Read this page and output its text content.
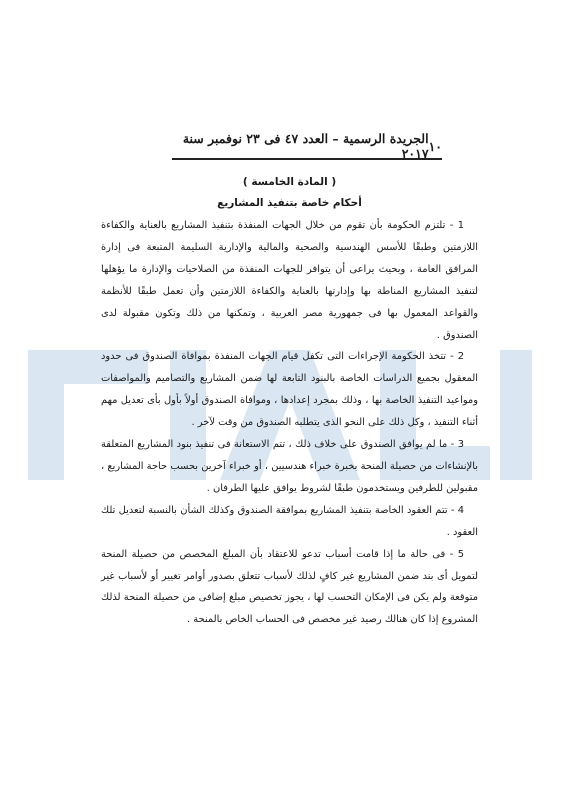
١٠
الجريدة الرسمية – العدد ٤٧ فى ٢٣ نوفمبر سنة ٢٠١٧

( المادة الخامسة )

أحكام خاصة بتنفيذ المشاريع

1 - تلتزم الحكومة بأن تقوم من خلال الجهات المنفذة بتنفيذ المشاريع بالعناية والكفاءة اللازمتين وطبقًا للأسس الهندسية والصحية والمالية والإدارية السليمة المتبعة فى إدارة المرافق العامة ، وبحيث يراعى أن يتوافر للجهات المنفذة من الصلاحيات والإدارة ما يؤهلها لتنفيذ المشاريع المناطة بها وإدارتها بالعناية والكفاءة اللازمتين وأن تعمل طبقًا للأنظمة والقواعد المعمول بها فى جمهورية مصر العربية ، وتمكنها من ذلك وتكون مقبولة لدى الصندوق .

2 - تتخذ الحكومة الإجراءات التى تكفل قيام الجهات المنفذة بموافاة الصندوق فى حدود المعقول بجميع الدراسات الخاصة بالبنود التابعة لها ضمن المشاريع والتصاميم والمواصفات ومواعيد التنفيذ الخاصة بها ، وذلك بمجرد إعدادها ، وموافاة الصندوق أولاً بأول بأى تعديل مهم أثناء التنفيذ ، وكل ذلك على النحو الذى يتطلبه الصندوق من وقت لآخر .

3 - ما لم يوافق الصندوق على خلاف ذلك ، تتم الاستعانة فى تنفيذ بنود المشاريع المتعلقة بالإنشاءات من حصيلة المنحة بخبرة خبراء هندسيين ، أو خبراء آخرين بحسب حاجة المشاريع ، مقبولين للطرفين ويستخدمون طبقًا لشروط يوافق عليها الطرفان .

4 - تتم العقود الخاصة بتنفيذ المشاريع بموافقة الصندوق وكذلك الشأن بالنسبة لتعديل تلك العقود .

5 - فى حالة ما إذا قامت أسباب تدعو للاعتقاد بأن المبلغ المخصص من حصيلة المنحة لتمويل أى بند ضمن المشاريع غير كافٍ لذلك لأسباب تتعلق بصدور أوامر تغيير أو لأسباب غير متوقعة ولم يكن فى الإمكان التحسب لها ، يجوز تخصيص مبلغ إضافى من حصيلة المنحة لذلك المشروع إذا كان هنالك رصيد غير مخصص فى الحساب الخاص بالمنحة .
